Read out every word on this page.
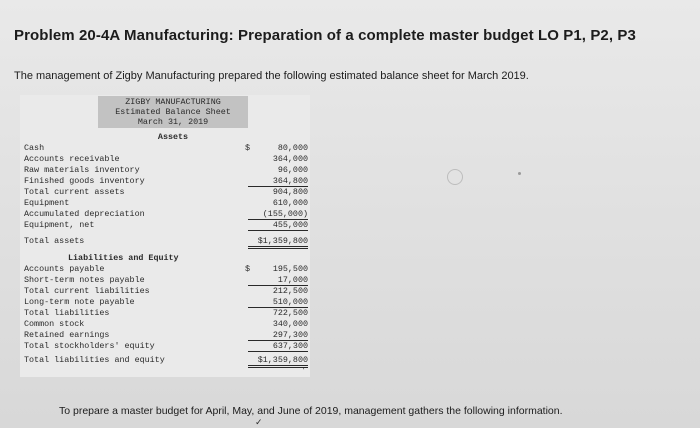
Problem 20-4A Manufacturing: Preparation of a complete master budget LO P1, P2, P3
The management of Zigby Manufacturing prepared the following estimated balance sheet for March 2019.
ZIGBY MANUFACTURING
Estimated Balance Sheet
March 31, 2019
Assets
Cash	$	80,000
Accounts receivable	364,000
Raw materials inventory	96,000
Finished goods inventory	364,800
Total current assets	904,800
Equipment	610,000
Accumulated depreciation	(155,000)
Equipment, net	455,000
Total assets	$1,359,800
Liabilities and Equity
Accounts payable	$	195,500
Short-term notes payable	17,000
Total current liabilities	212,500
Long-term note payable	510,000
Total liabilities	722,500
Common stock	340,000
Retained earnings	297,300
Total stockholders' equity	637,300
Total liabilities and equity	$1,359,800
⌐
To prepare a master budget for April, May, and June of 2019, management gathers the following information.
✓
